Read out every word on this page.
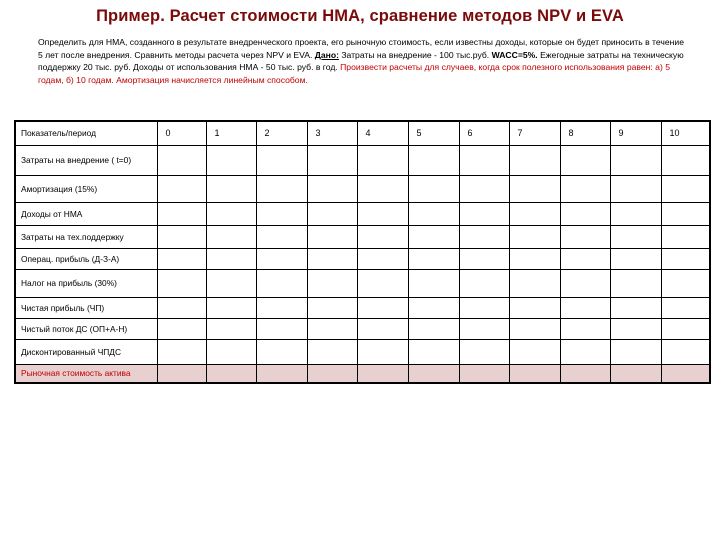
Пример. Расчет стоимости НМА, сравнение методов NPV и EVA
Определить для НМА, созданного в результате внедренческого проекта, его рыночную стоимость, если известны доходы, которые он будет приносить в течение 5 лет после внедрения. Сравнить методы расчета через NPV и EVA. Дано: Затраты на внедрение - 100 тыс.руб. WACC=5%. Ежегодные затраты на техническую поддержку 20 тыс. руб. Доходы от использования НМА - 50 тыс. руб. в год. Произвести расчеты для случаев, когда срок полезного использования равен: а) 5 годам, б) 10 годам. Амортизация начисляется линейным способом.
Показатель/период	0	1	2	3	4	5	6	7	8	9	10
Затраты на внедрение ( t=0)											
Амортизация (15%)											
Доходы от НМА											
Затраты на тех.поддержку											
Операц. прибыль (Д-З-А)											
Налог на прибыль (30%)											
Чистая прибыль (ЧП)											
Чистый поток ДС (ОП+А-Н)											
Дисконтированный ЧПДС											
Рыночная стоимость актива											
